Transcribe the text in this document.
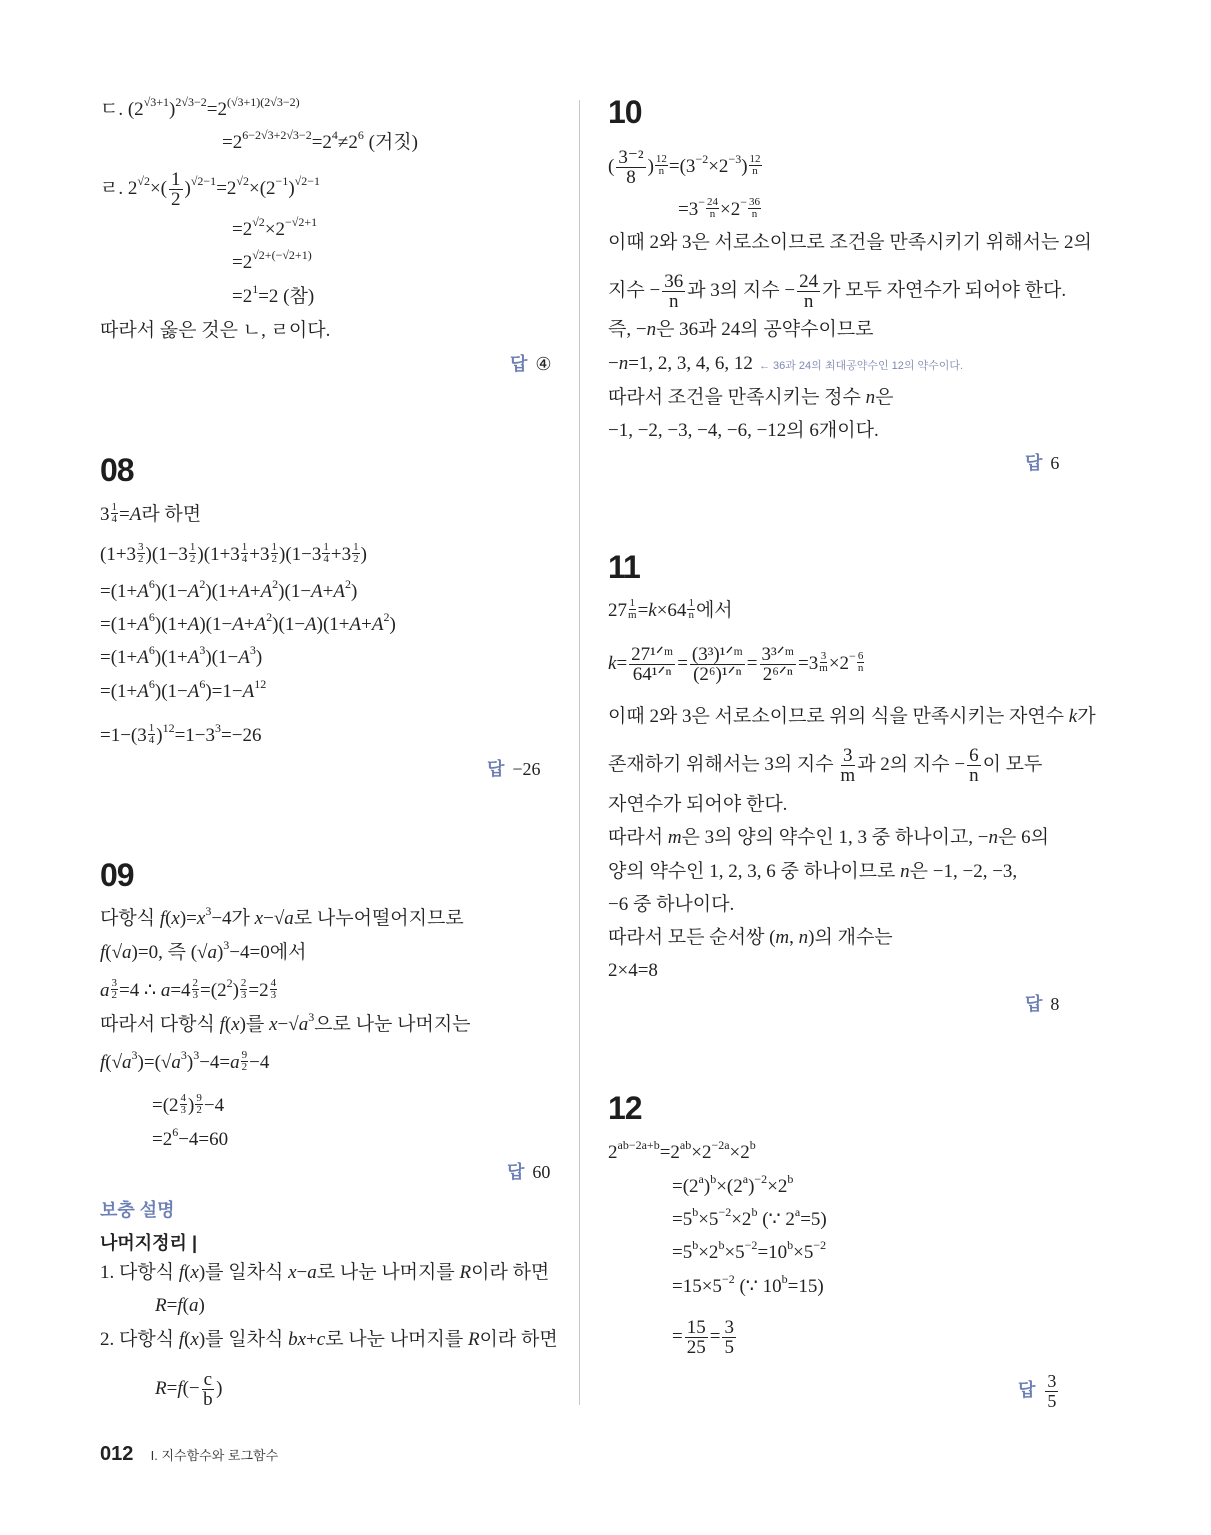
ㄷ. $(2^{√3+1})^{2√3-2}=2^{(√3+1)(2√3-2)}$
$=2^{6-2√3+2√3-2}=2^4\ne 2^6$ (거짓)
ㄹ. $2^{√2}\times( \frac{1}{2} )^{√2-1}=2^{√2}\times(2^{-1})^{√2-1}$
$=2^{√2}\times 2^{-√2+1}$
$=2^{√2+(-√2+1)}$
$=2^1=2$ (참)
따라서 옳은 것은 ㄴ, ㄹ이다.
답 ④
08
$3 \frac{1}{4} =A$라 하면
$(1+3 \frac{3}{2} )(1-3 \frac{1}{2} )(1+3 \frac{1}{4} +3 \frac{1}{2} )(1-3 \frac{1}{4} +3 \frac{1}{2}$ )
$=(1+A^6)(1-A^2)(1+A+A^2)(1-A+A^2)$
$=(1+A^6)(1+A)(1-A+A^2)(1-A)(1+A+A^2)$
$=(1+A^6)(1+A^3)(1-A^3)$
$=(1+A^6)(1-A^6)=1-A^{12}$
$=1-(3 \frac{1}{4} )^{12}=1-3^3=-26$
답 −26
09
다항식 $f(x)=x^3-4$가 x−√a로 나누어떨어지므로
f(√a)=0, 즉 $(√a)^3-4=0$에서
a $\frac{3}{2} =4$ ∴ $a=4 \frac{2}{3} =(2^2) \frac{2}{3} =2 \frac{4}{3}$
따라서 다항식 f(x)를 $x-√a^3$으로 나눈 나머지는
$f(√a^3)=(√a^3)^3-4=a \frac{9}{2} -4$
$=(2 \frac{4}{3}$ ) $\frac{9}{2} -4$
$=2^6-4=60$
답 60
보충 설명
나머지정리 |
1. 다항식 f(x)를 일차식 x−a로 나눈 나머지를 R이라 하면
R=f(a)
2. 다항식 f(x)를 일차식 bx+c로 나눈 나머지를 R이라 하면
$R=f(- \frac{c}{b}$ )
10
( $\frac{\text{3⁻²}}{8}$ ) $\frac{12}{n} =(3^{-2}\times 2^{-3}) \frac{12}{n}$
$=3^- \frac{24}{n} \times 2^- \frac{36}{n}$
이때 2와 3은 서로소이므로 조건을 만족시키기 위해서는 2의
지수 − $\frac{36}{n}$ 과 3의 지수 − $\frac{24}{n}$ 가 모두 자연수가 되어야 한다.
즉, −n은 36과 24의 공약수이므로
−n=1, 2, 3, 4, 6, 12 ← 36과 24의 최대공약수인 12의 약수이다.
따라서 조건을 만족시키는 정수 n은
−1, −2, −3, −4, −6, −12의 6개이다.
답 6
11
$27 \frac{1}{m} =k\times 64 \frac{1}{n}$ 에서
$k= \frac{\text{27¹ᐟᵐ}}{\text{64¹ᐟⁿ}} = \frac{\text{(3³)¹ᐟᵐ}}{\text{(2⁶)¹ᐟⁿ}} = \frac{\text{3³ᐟᵐ}}{\text{2⁶ᐟⁿ}} =3 \frac{3}{m} \times 2^- \frac{6}{n}$
이때 2와 3은 서로소이므로 위의 식을 만족시키는 자연수 k가
존재하기 위해서는 3의 지수 $\frac{3}{m}$ 과 2의 지수 − $\frac{6}{n}$ 이 모두
자연수가 되어야 한다.
따라서 m은 3의 양의 약수인 1, 3 중 하나이고, −n은 6의
양의 약수인 1, 2, 3, 6 중 하나이므로 n은 −1, −2, −3,
−6 중 하나이다.
따라서 모든 순서쌍 (m, n)의 개수는
2×4=8
답 8
12
$2^{ab-2a+b}=2^{ab}\times 2^{-2a}\times 2^b$
$=(2^a)^b\times(2^a)^{-2}\times 2^b$
$=5^b\times 5^{-2}\times 2^b$ (∵ $2^a=5$)
$=5^b\times 2^b\times 5^{-2}=10^b\times 5^{-2}$
$=15\times 5^{-2}$ (∵ $10^b=15$)
= $\frac{15}{25} = \frac{3}{5}$
답 $\frac{3}{5}$
012 I. 지수함수와 로그함수
